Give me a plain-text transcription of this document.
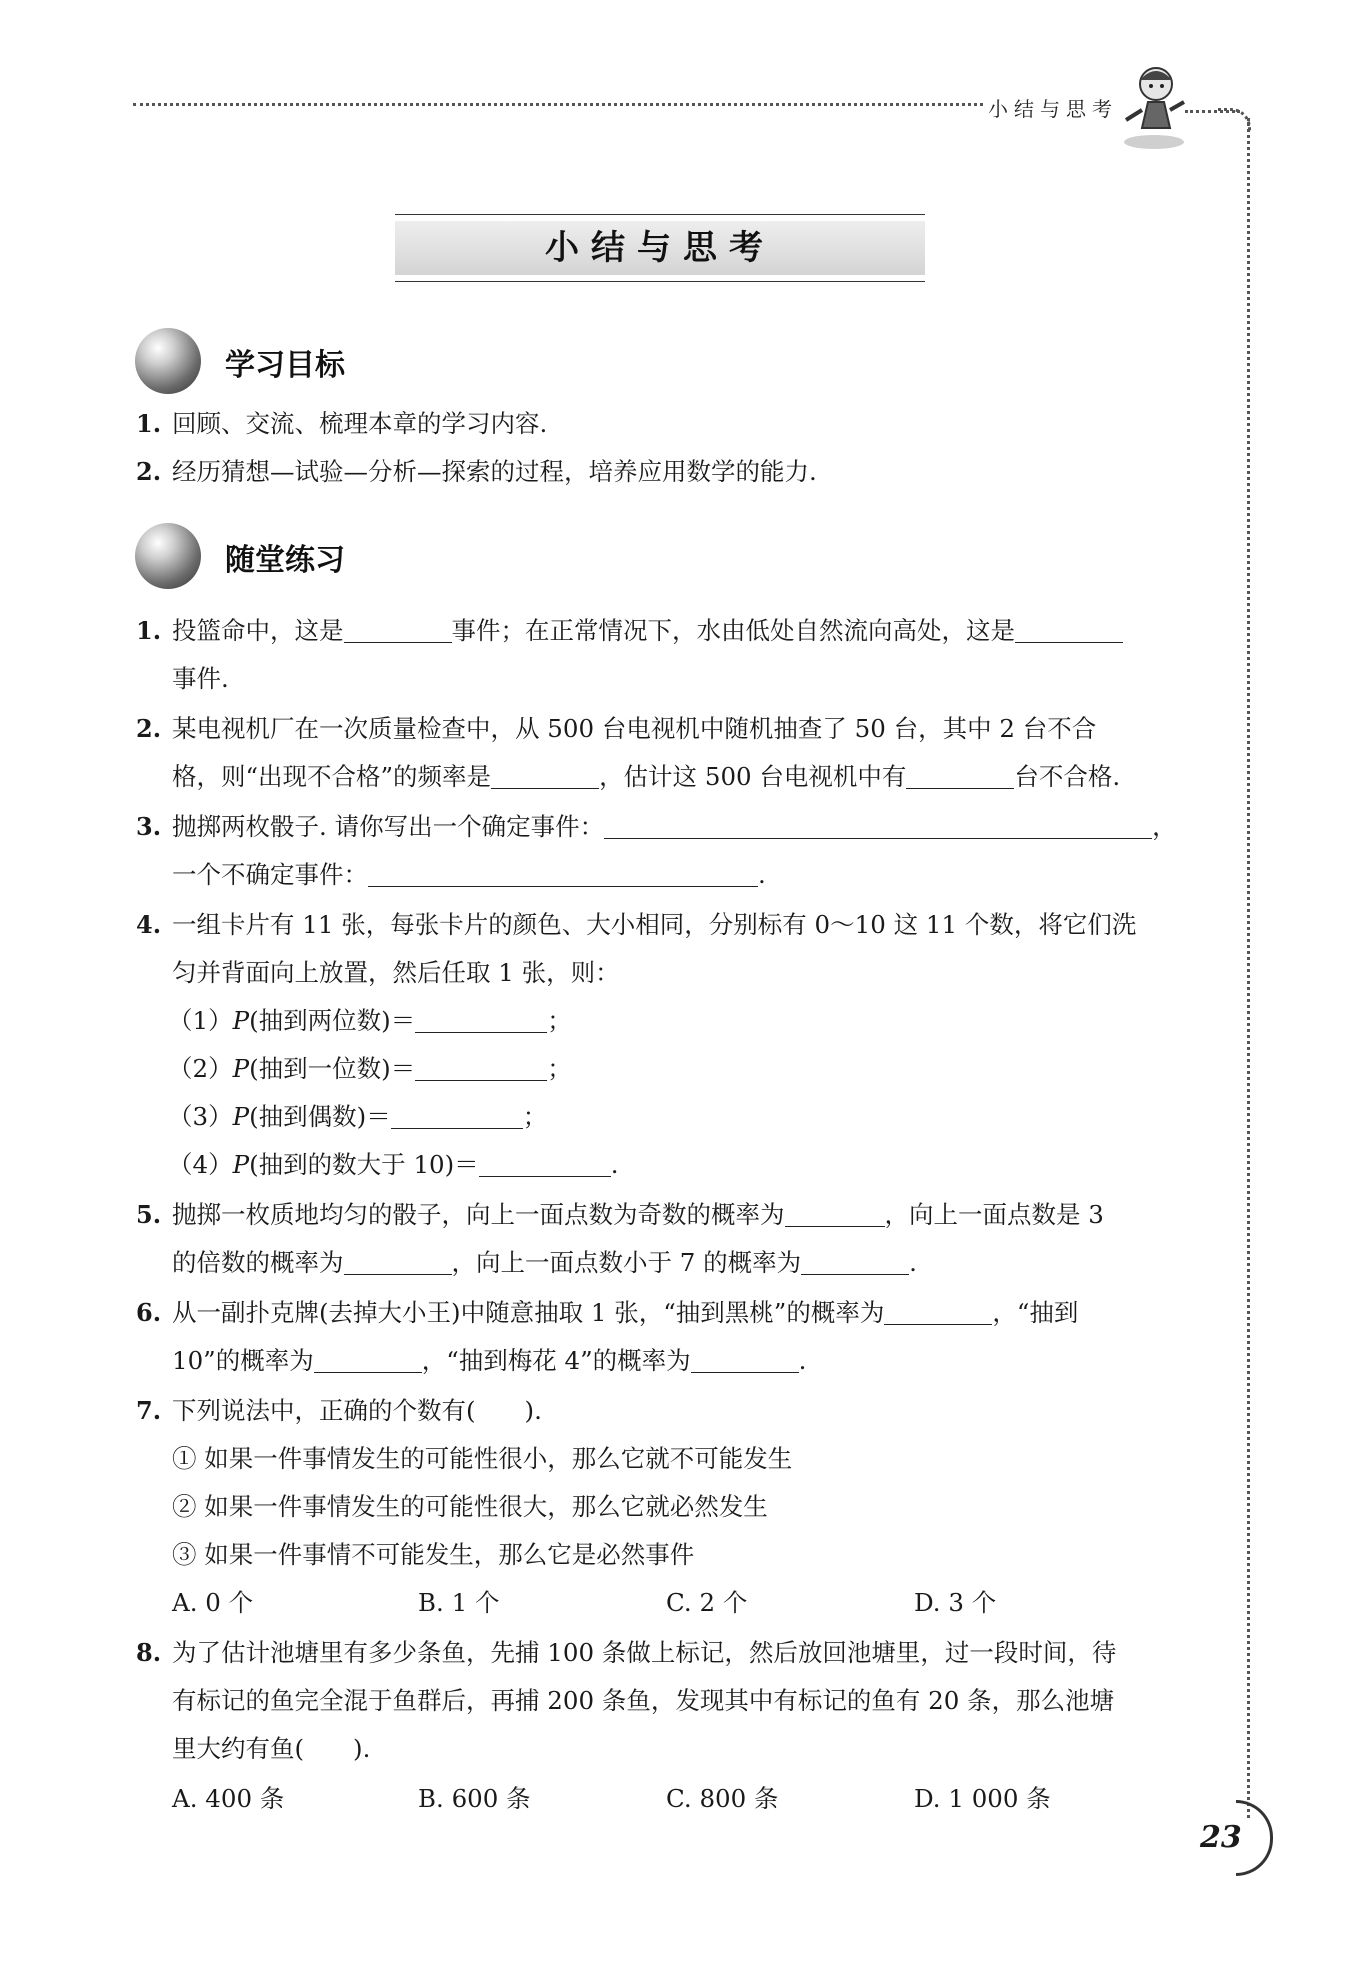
小结与思考
小结与思考
学习目标
1. 回顾、交流、梳理本章的学习内容.
2. 经历猜想—试验—分析—探索的过程，培养应用数学的能力.
随堂练习
1. 投篮命中，这是	事件；在正常情况下，水由低处自然流向高处，这是
事件.
2. 某电视机厂在一次质量检查中，从 500 台电视机中随机抽查了 50 台，其中 2 台不合
格，则“出现不合格”的频率是	，估计这 500 台电视机中有	台不合格.
3. 抛掷两枚骰子. 请你写出一个确定事件：	，
一个不确定事件：	.
4. 一组卡片有 11 张，每张卡片的颜色、大小相同，分别标有 0～10 这 11 个数，将它们洗
匀并背面向上放置，然后任取 1 张，则：
（1）P(抽到两位数)＝	；
（2）P(抽到一位数)＝	；
（3）P(抽到偶数)＝	；
（4）P(抽到的数大于 10)＝	.
5. 抛掷一枚质地均匀的骰子，向上一面点数为奇数的概率为	，向上一面点数是 3
的倍数的概率为	，向上一面点数小于 7 的概率为	.
6. 从一副扑克牌(去掉大小王)中随意抽取 1 张，“抽到黑桃”的概率为	，“抽到
10”的概率为	，“抽到梅花 4”的概率为	.
7. 下列说法中，正确的个数有(　　).
① 如果一件事情发生的可能性很小，那么它就不可能发生
② 如果一件事情发生的可能性很大，那么它就必然发生
③ 如果一件事情不可能发生，那么它是必然事件
A. 0 个	B. 1 个	C. 2 个	D. 3 个
8. 为了估计池塘里有多少条鱼，先捕 100 条做上标记，然后放回池塘里，过一段时间，待
有标记的鱼完全混于鱼群后，再捕 200 条鱼，发现其中有标记的鱼有 20 条，那么池塘
里大约有鱼(　　).
A. 400 条	B. 600 条	C. 800 条	D. 1 000 条
23
